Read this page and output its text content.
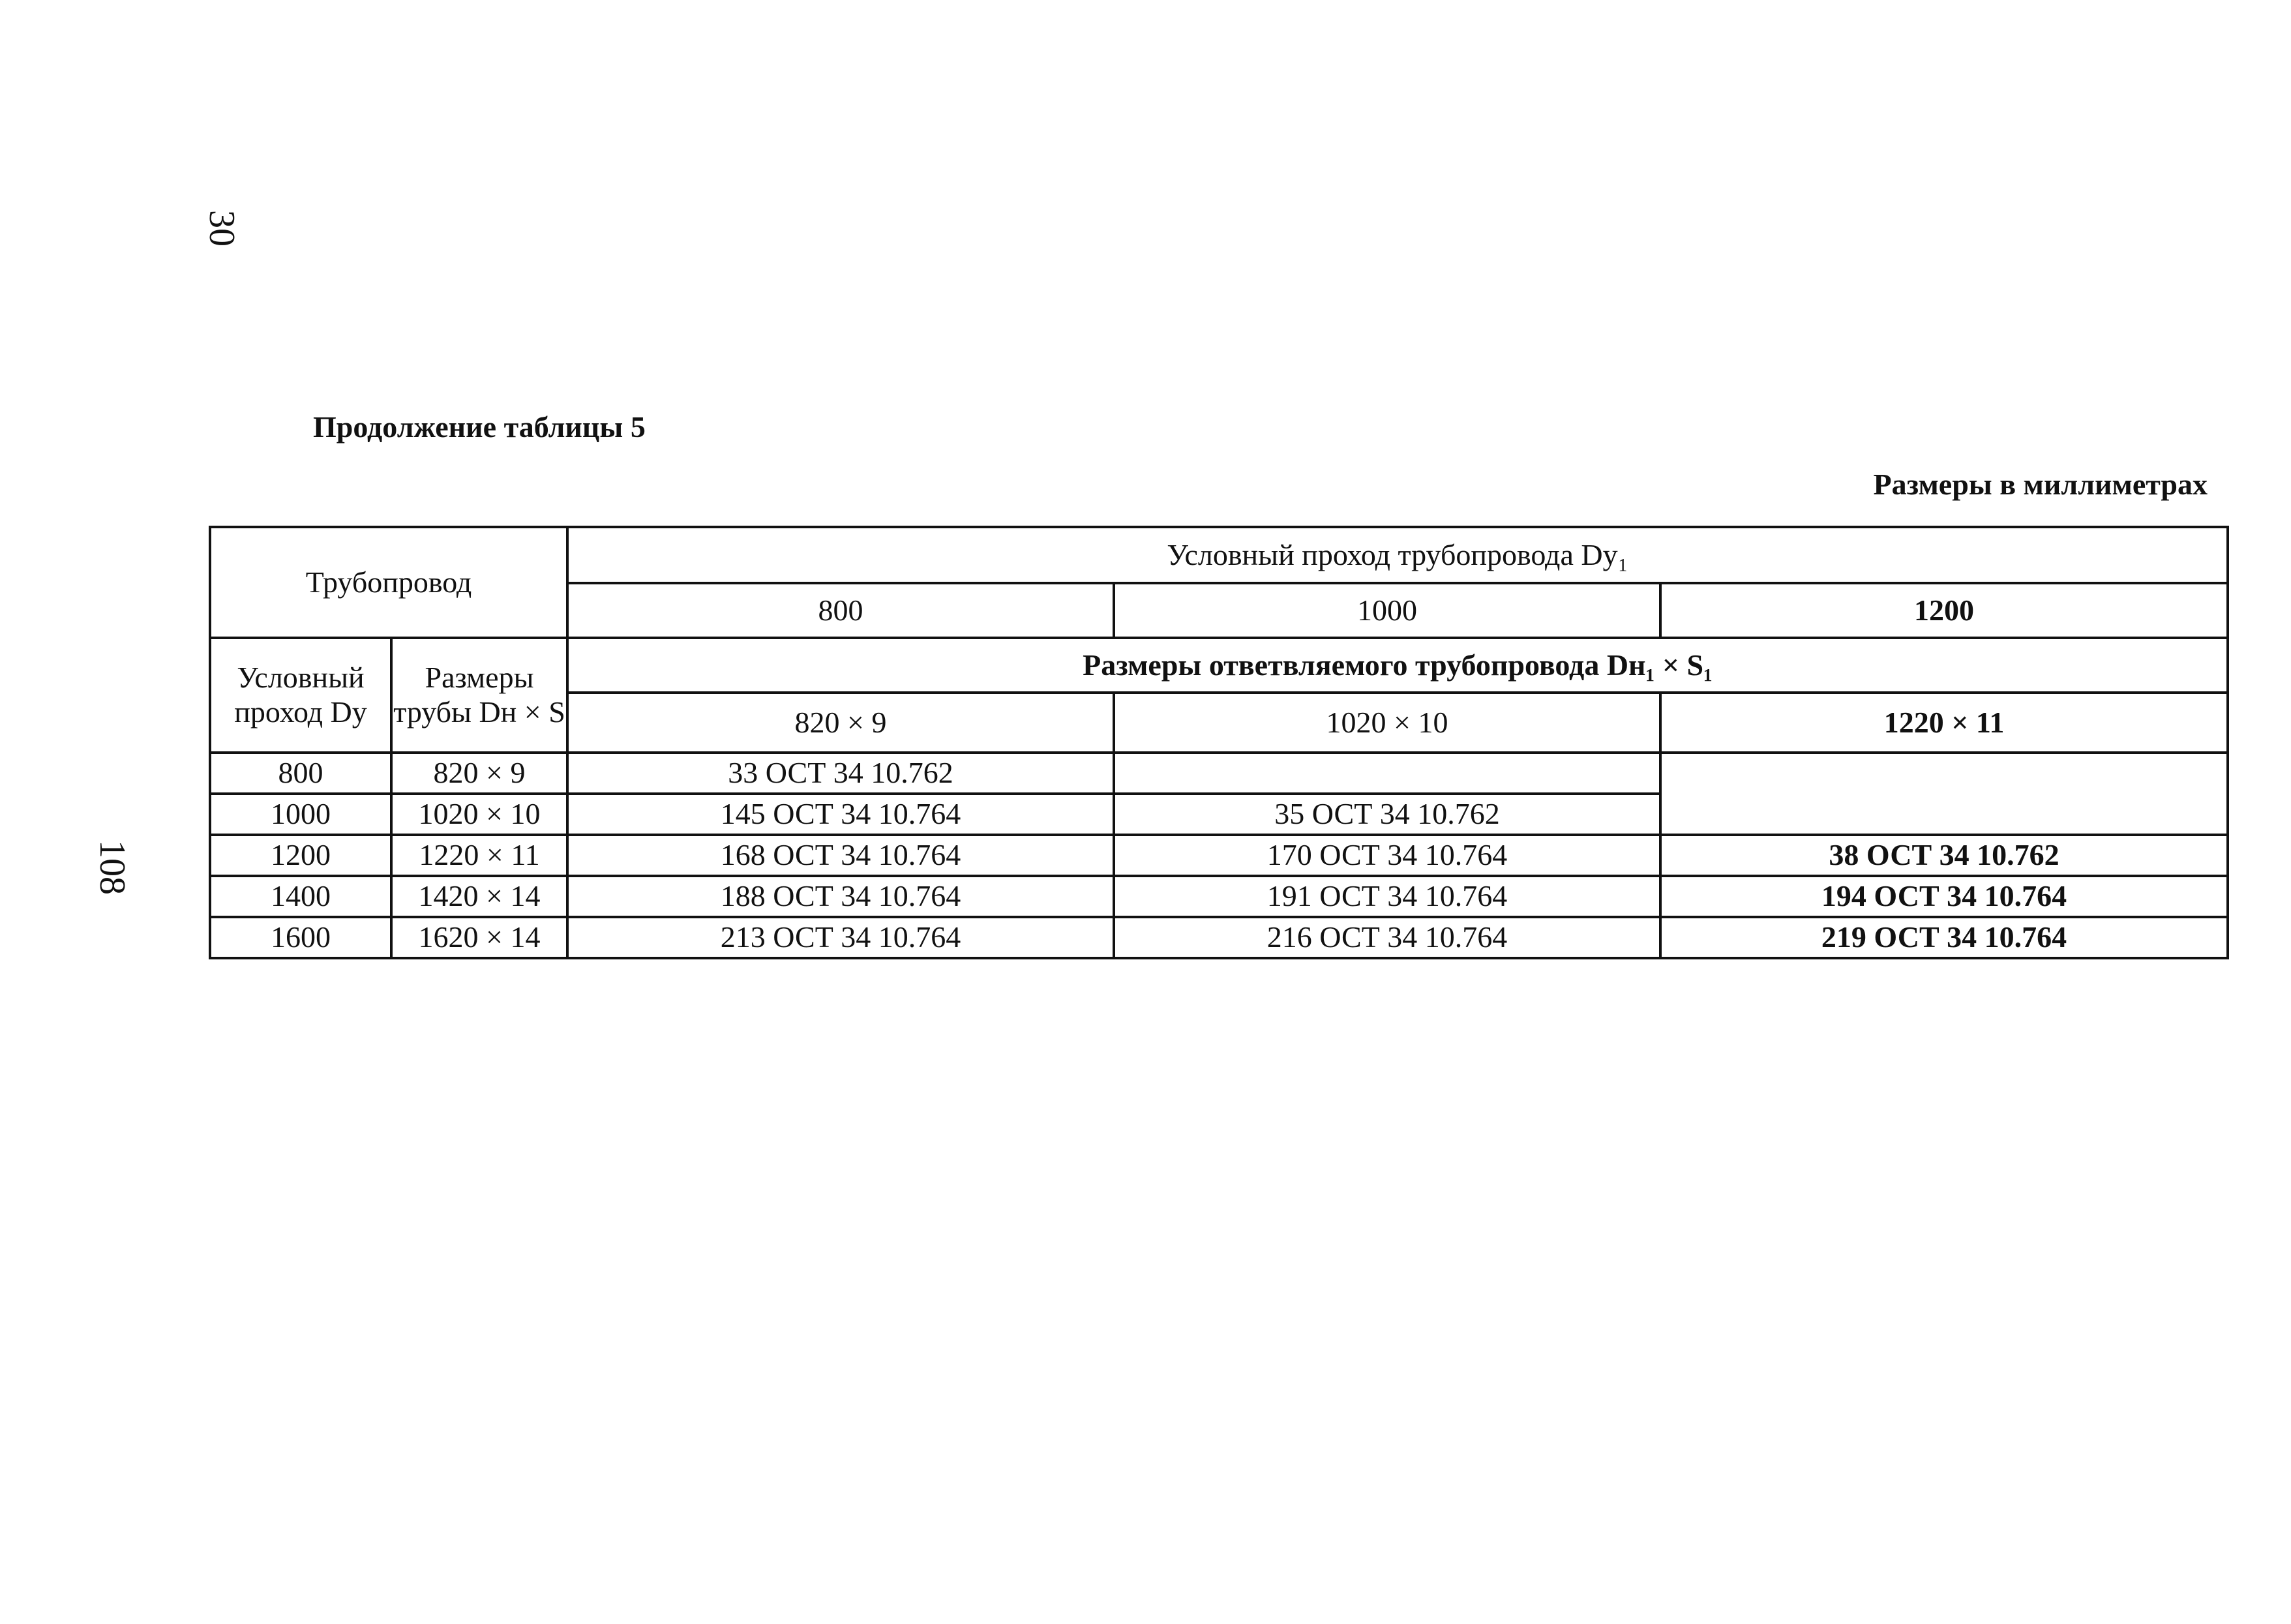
30
108
Продолжение таблицы 5
Размеры в миллиметрах
Трубопровод		Условный проход трубопровода Dy₁		
		800	1000	1200
Условный проход Dy	Размеры трубы Dн × S	Размеры ответвляемого трубопровода Dн₁ × S₁		
		820 × 9	1020 × 10	1220 × 11
800	820 × 9	33 ОСТ 34 10.762		
1000	1020 × 10	145 ОСТ 34 10.764	35 ОСТ 34 10.762	
1200	1220 × 11	168 ОСТ 34 10.764	170 ОСТ 34 10.764	38 ОСТ 34 10.762
1400	1420 × 14	188 ОСТ 34 10.764	191 ОСТ 34 10.764	194 ОСТ 34 10.764
1600	1620 × 14	213 ОСТ 34 10.764	216 ОСТ 34 10.764	219 ОСТ 34 10.764
